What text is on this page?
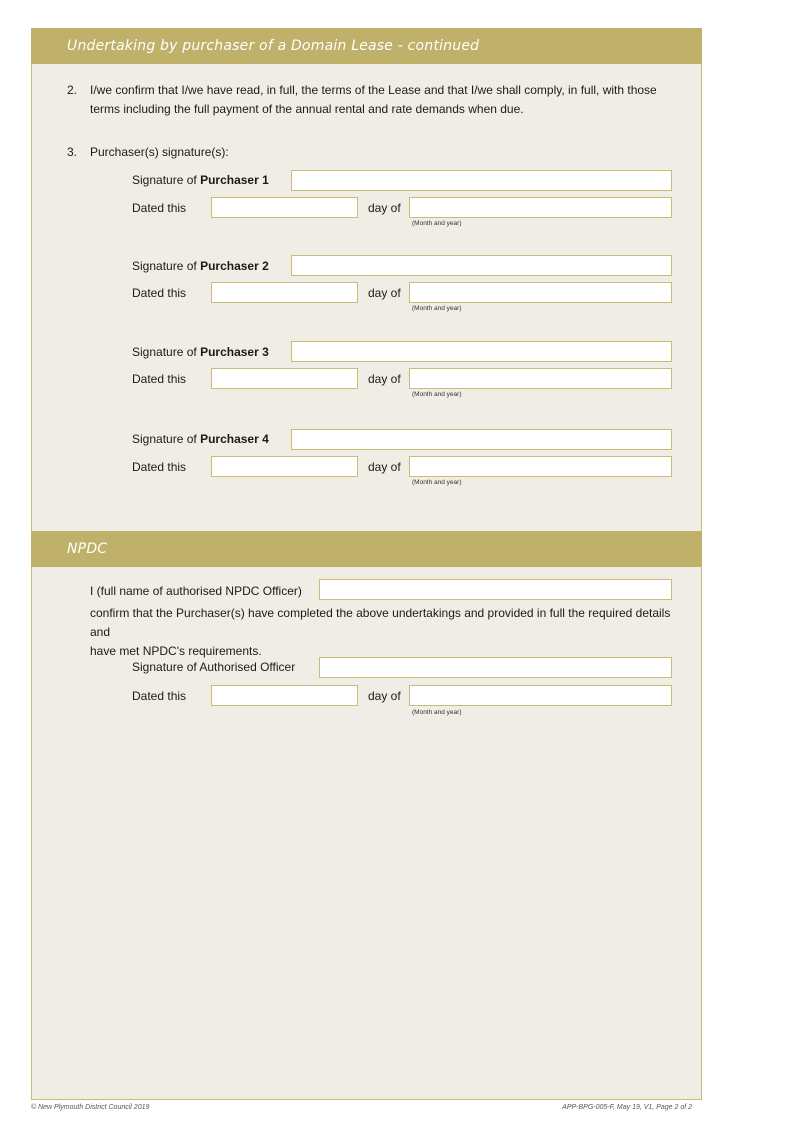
Undertaking by purchaser of a Domain Lease - continued
2. I/we confirm that I/we have read, in full, the terms of the Lease and that I/we shall comply, in full, with those
terms including the full payment of the annual rental and rate demands when due.
3. Purchaser(s) signature(s):
Signature of Purchaser 1
Dated this	day of
(Month and year)
Signature of Purchaser 2
Dated this	day of
(Month and year)
Signature of Purchaser 3
Dated this	day of
(Month and year)
Signature of Purchaser 4
Dated this	day of
(Month and year)
NPDC
I (full name of authorised NPDC Officer)
confirm that the Purchaser(s) have completed the above undertakings and provided in full the required details and
have met NPDC's requirements.
Signature of Authorised Officer
Dated this	day of
(Month and year)
© New Plymouth District Council 2019	APP-BPG-005-F, May 19, V1, Page 2 of 2
